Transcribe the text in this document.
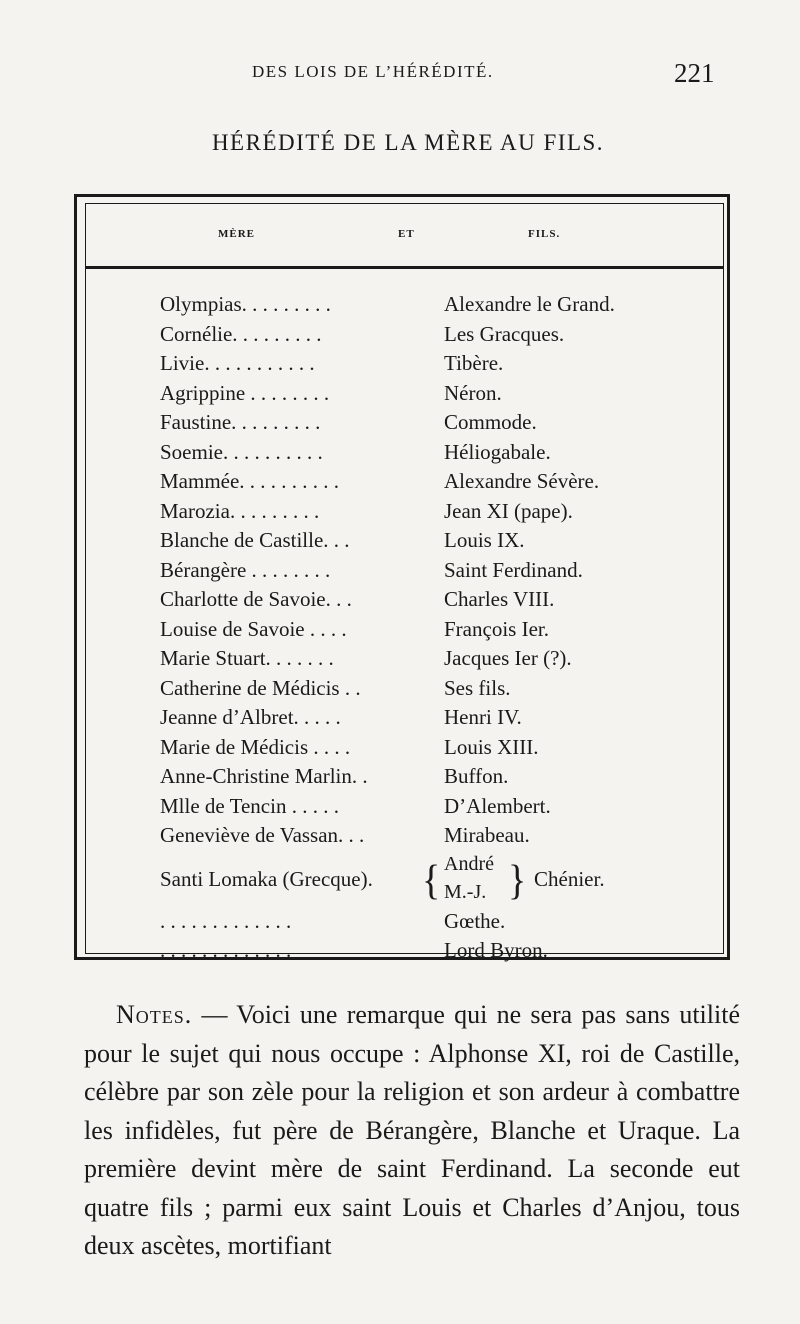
DES LOIS DE L’HÉRÉDITÉ.	221
HÉRÉDITÉ DE LA MÈRE AU FILS.
MÈRE	ET	FILS.
Olympias. . . . . . . . .	Alexandre le Grand.
Cornélie. . . . . . . . .	Les Gracques.
Livie. . . . . . . . . . .	Tibère.
Agrippine . . . . . . . .	Néron.
Faustine. . . . . . . . .	Commode.
Soemie. . . . . . . . . .	Héliogabale.
Mammée. . . . . . . . . .	Alexandre Sévère.
Marozia. . . . . . . . .	Jean XI (pape).
Blanche de Castille. . .	Louis IX.
Bérangère . . . . . . . .	Saint Ferdinand.
Charlotte de Savoie. . .	Charles VIII.
Louise de Savoie . . . .	François Ier.
Marie Stuart. . . . . . .	Jacques Ier (?).
Catherine de Médicis . .	Ses fils.
Jeanne d’Albret. . . . .	Henri IV.
Marie de Médicis . . . .	Louis XIII.
Anne-Christine Marlin. .	Buffon.
Mlle de Tencin . . . . .	D’Alembert.
Geneviève de Vassan. . .	Mirabeau.
Santi Lomaka (Grecque). { André
M.-J. } Chénier.
. . . . . . . . . . . . .	Gœthe.
. . . . . . . . . . . . .	Lord Byron.

Notes. — Voici une remarque qui ne sera pas sans utilité pour le sujet qui nous occupe : Alphonse XI, roi de Castille, célèbre par son zèle pour la religion et son ardeur à combattre les infidèles, fut père de Bérangère, Blanche et Uraque. La première devint mère de saint Ferdinand. La seconde eut quatre fils ; parmi eux saint Louis et Charles d’Anjou, tous deux ascètes, mortifiant
